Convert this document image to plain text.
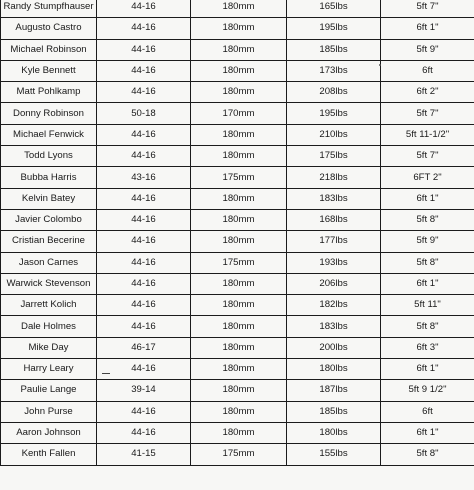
Randy Stumpfhauser	44-16	180mm	165lbs	5ft 7"
Augusto Castro	44-16	180mm	195lbs	6ft 1"
Michael Robinson	44-16	180mm	185lbs	5ft 9"
Kyle Bennett	44-16	180mm	173lbs	6ft
Matt Pohlkamp	44-16	180mm	208lbs	6ft 2"
Donny Robinson	50-18	170mm	195lbs	5ft 7"
Michael Fenwick	44-16	180mm	210lbs	5ft 11-1/2"
Todd Lyons	44-16	180mm	175lbs	5ft 7"
Bubba Harris	43-16	175mm	218lbs	6FT 2"
Kelvin Batey	44-16	180mm	183lbs	6ft 1"
Javier Colombo	44-16	180mm	168lbs	5ft 8"
Cristian Becerine	44-16	180mm	177lbs	5ft 9"
Jason Carnes	44-16	175mm	193lbs	5ft 8"
Warwick Stevenson	44-16	180mm	206lbs	6ft 1"
Jarrett Kolich	44-16	180mm	182lbs	5ft 11"
Dale Holmes	44-16	180mm	183lbs	5ft 8"
Mike Day	46-17	180mm	200lbs	6ft 3"
Harry Leary	44-16	180mm	180lbs	6ft 1"
Paulie Lange	39-14	180mm	187lbs	5ft 9 1/2"
John Purse	44-16	180mm	185lbs	6ft
Aaron Johnson	44-16	180mm	180lbs	6ft 1"
Kenth Fallen	41-15	175mm	155lbs	5ft 8"
